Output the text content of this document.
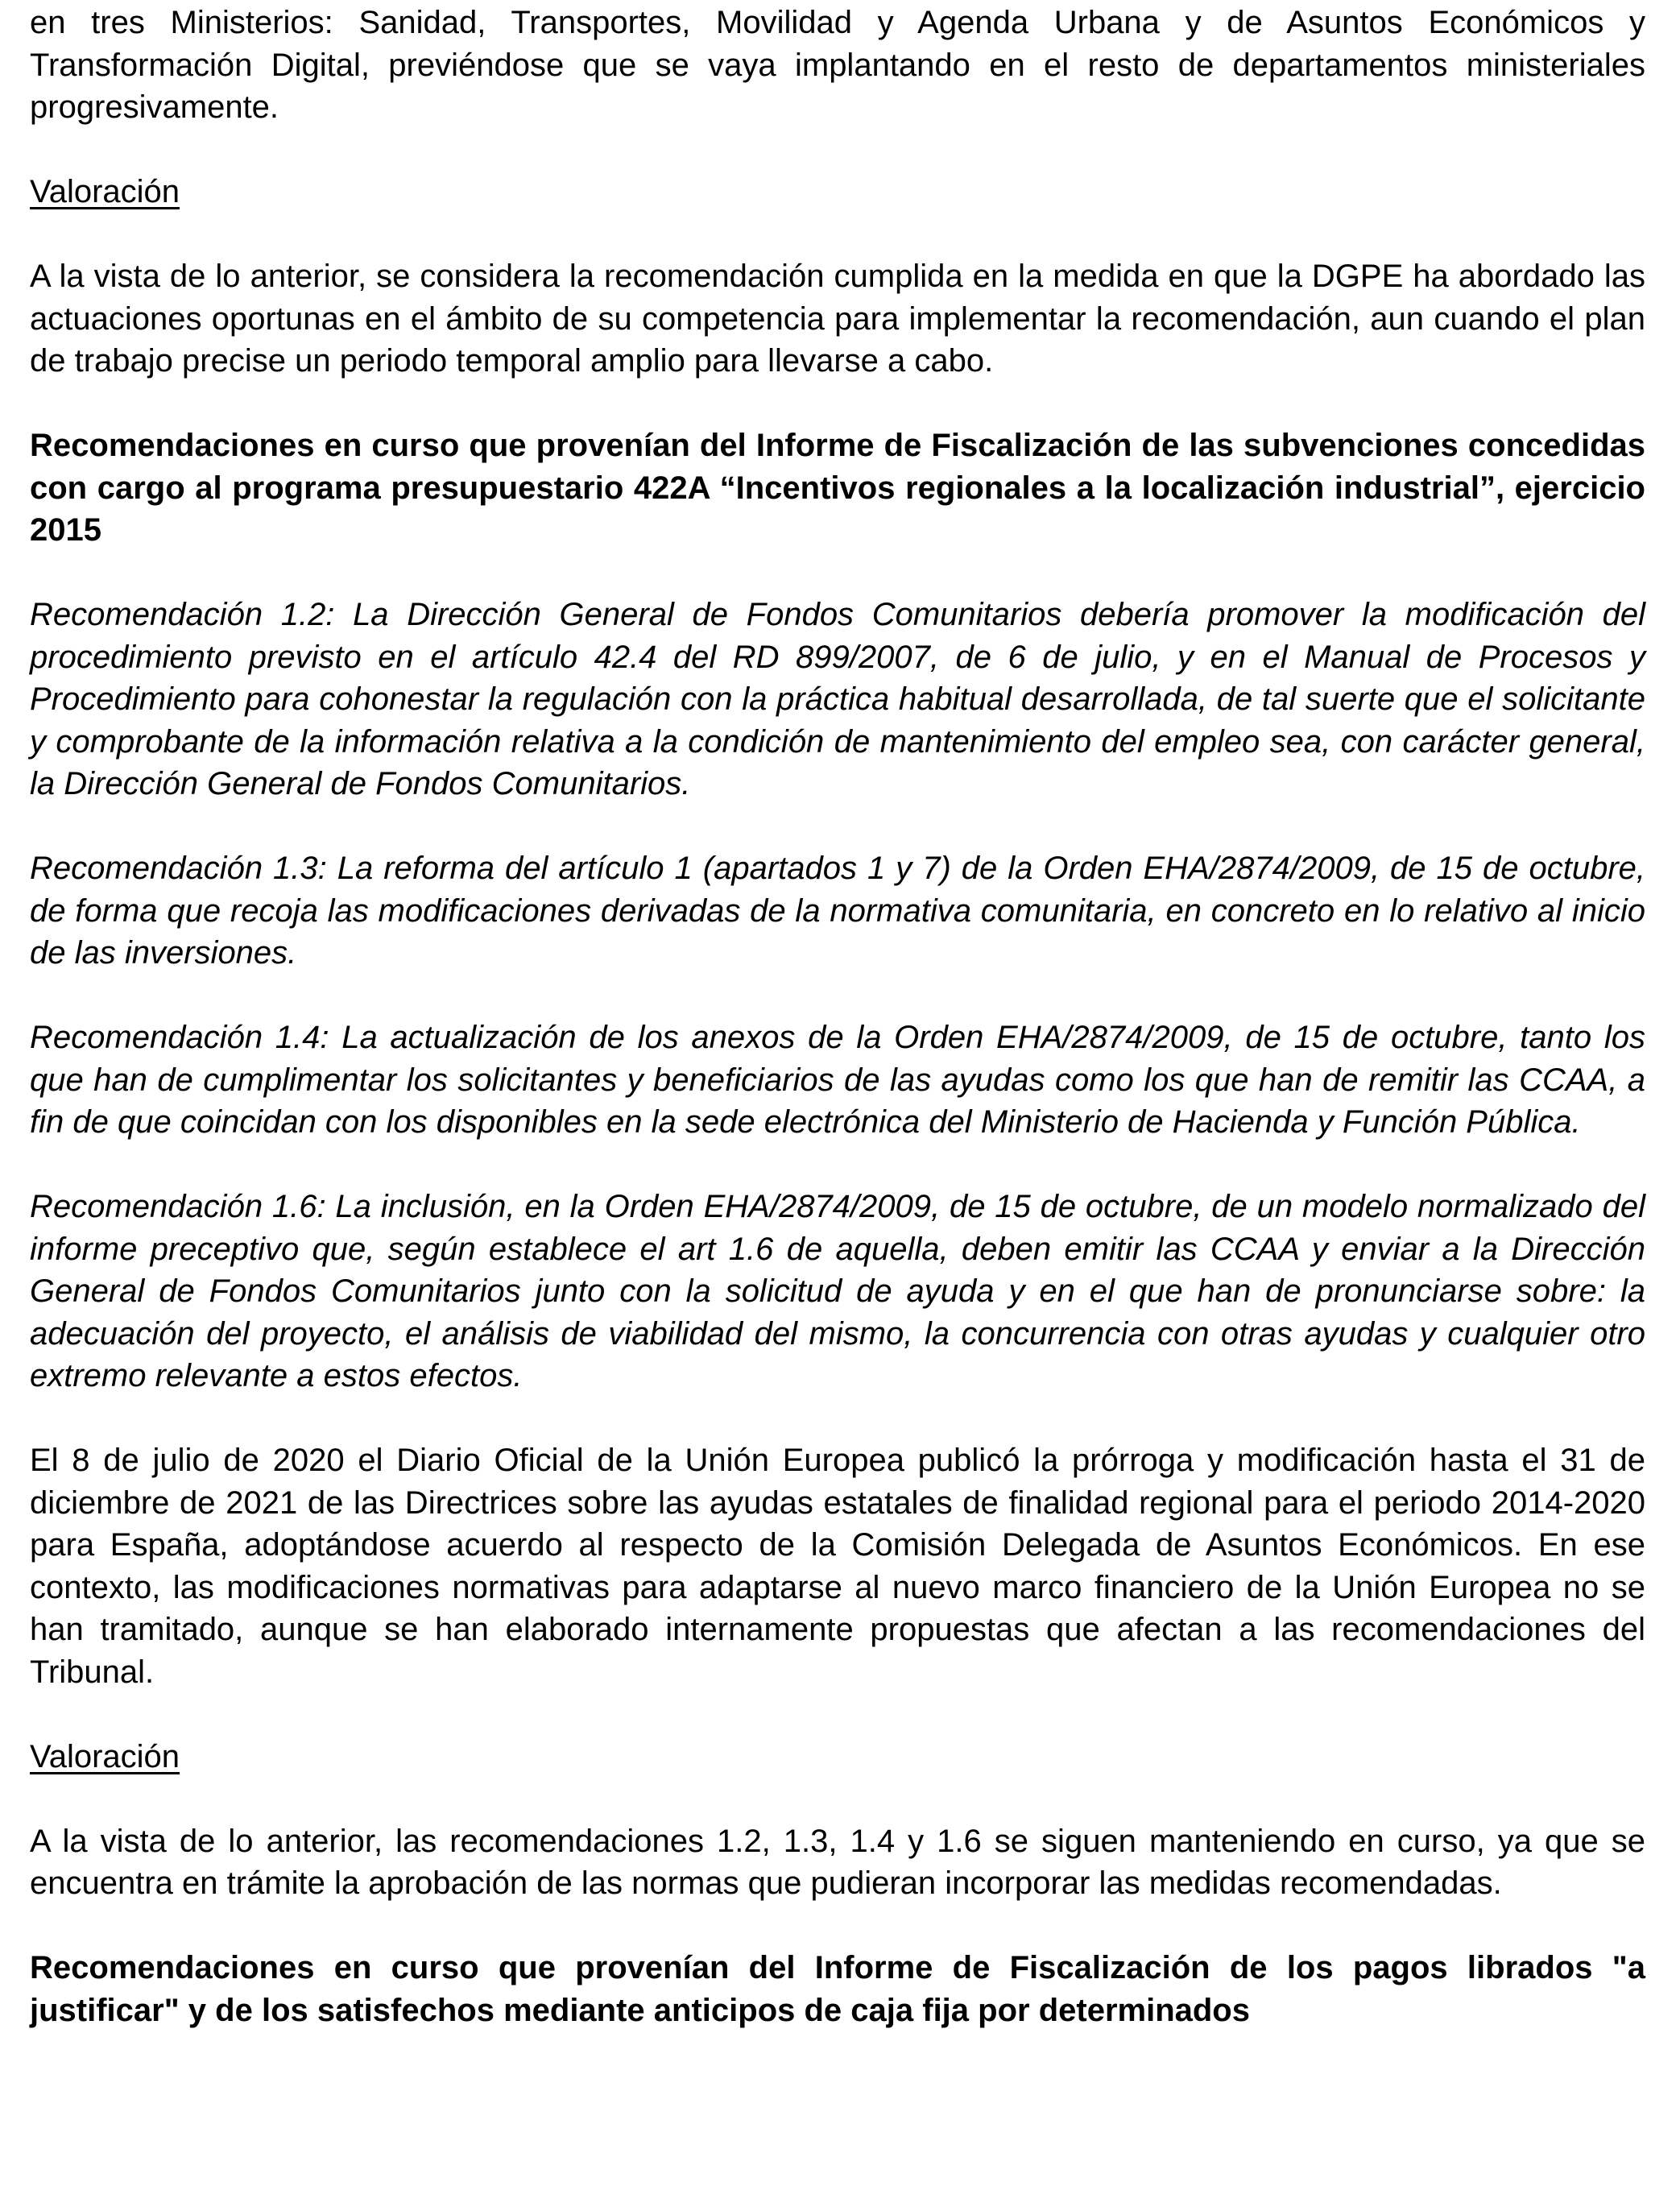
en tres Ministerios: Sanidad, Transportes, Movilidad y Agenda Urbana y de Asuntos Económicos y Transformación Digital, previéndose que se vaya implantando en el resto de departamentos ministeriales progresivamente.

Valoración

A la vista de lo anterior, se considera la recomendación cumplida en la medida en que la DGPE ha abordado las actuaciones oportunas en el ámbito de su competencia para implementar la recomendación, aun cuando el plan de trabajo precise un periodo temporal amplio para llevarse a cabo.

Recomendaciones en curso que provenían del Informe de Fiscalización de las subvenciones concedidas con cargo al programa presupuestario 422A “Incentivos regionales a la localización industrial”, ejercicio 2015

Recomendación 1.2: La Dirección General de Fondos Comunitarios debería promover la modificación del procedimiento previsto en el artículo 42.4 del RD 899/2007, de 6 de julio, y en el Manual de Procesos y Procedimiento para cohonestar la regulación con la práctica habitual desarrollada, de tal suerte que el solicitante y comprobante de la información relativa a la condición de mantenimiento del empleo sea, con carácter general, la Dirección General de Fondos Comunitarios.

Recomendación 1.3: La reforma del artículo 1 (apartados 1 y 7) de la Orden EHA/2874/2009, de 15 de octubre, de forma que recoja las modificaciones derivadas de la normativa comunitaria, en concreto en lo relativo al inicio de las inversiones.

Recomendación 1.4: La actualización de los anexos de la Orden EHA/2874/2009, de 15 de octubre, tanto los que han de cumplimentar los solicitantes y beneficiarios de las ayudas como los que han de remitir las CCAA, a fin de que coincidan con los disponibles en la sede electrónica del Ministerio de Hacienda y Función Pública.

Recomendación 1.6: La inclusión, en la Orden EHA/2874/2009, de 15 de octubre, de un modelo normalizado del informe preceptivo que, según establece el art 1.6 de aquella, deben emitir las CCAA y enviar a la Dirección General de Fondos Comunitarios junto con la solicitud de ayuda y en el que han de pronunciarse sobre: la adecuación del proyecto, el análisis de viabilidad del mismo, la concurrencia con otras ayudas y cualquier otro extremo relevante a estos efectos.

El 8 de julio de 2020 el Diario Oficial de la Unión Europea publicó la prórroga y modificación hasta el 31 de diciembre de 2021 de las Directrices sobre las ayudas estatales de finalidad regional para el periodo 2014-2020 para España, adoptándose acuerdo al respecto de la Comisión Delegada de Asuntos Económicos. En ese contexto, las modificaciones normativas para adaptarse al nuevo marco financiero de la Unión Europea no se han tramitado, aunque se han elaborado internamente propuestas que afectan a las recomendaciones del Tribunal.

Valoración

A la vista de lo anterior, las recomendaciones 1.2, 1.3, 1.4 y 1.6 se siguen manteniendo en curso, ya que se encuentra en trámite la aprobación de las normas que pudieran incorporar las medidas recomendadas.

Recomendaciones en curso que provenían del Informe de Fiscalización de los pagos librados "a justificar" y de los satisfechos mediante anticipos de caja fija por determinados
